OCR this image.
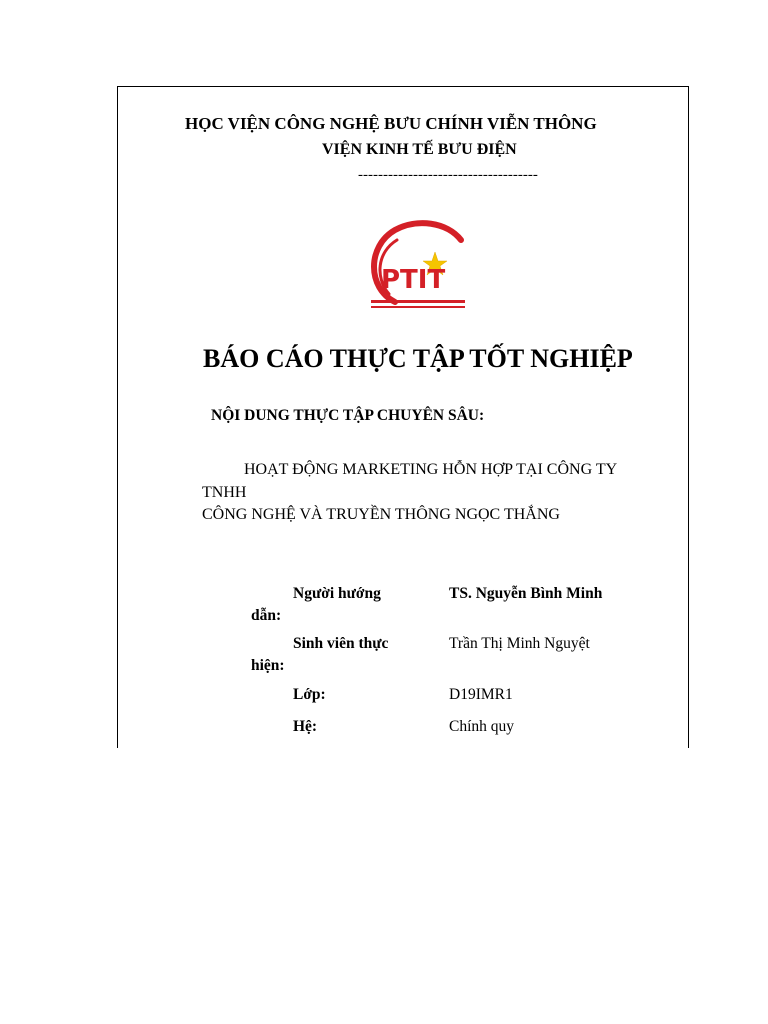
HỌC VIỆN CÔNG NGHỆ BƯU CHÍNH VIỄN THÔNG
VIỆN KINH TẾ BƯU ĐIỆN
------------------------------------
PTIT
BÁO CÁO THỰC TẬP TỐT NGHIỆP
NỘI DUNG THỰC TẬP CHUYÊN SÂU:
HOẠT ĐỘNG MARKETING HỖN HỢP TẠI CÔNG TY
TNHH
CÔNG NGHỆ VÀ TRUYỀN THÔNG NGỌC THẮNG
Người hướng
dẫn:
TS. Nguyễn Bình Minh
Sinh viên thực
hiện:
Trần Thị Minh Nguyệt
Lớp:	D19IMR1
Hệ:	Chính quy
